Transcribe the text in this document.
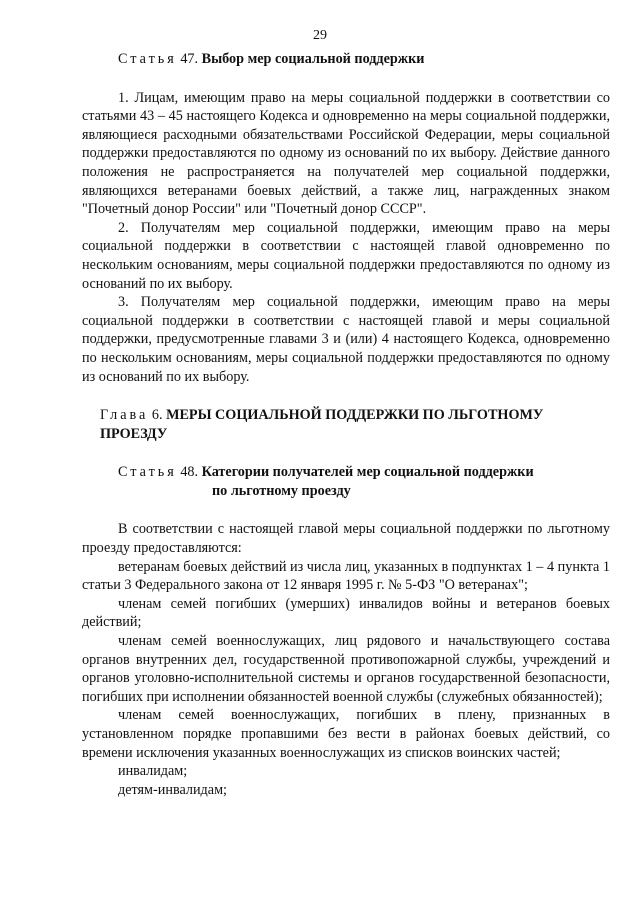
29
Статья 47. Выбор мер социальной поддержки

1. Лицам, имеющим право на меры социальной поддержки в соответствии со статьями 43 – 45 настоящего Кодекса и одновременно на меры социальной поддержки, являющиеся расходными обязательствами Российской Федерации, меры социальной поддержки предоставляются по одному из оснований по их выбору. Действие данного положения не распространяется на получателей мер социальной поддержки, являющихся ветеранами боевых действий, а также лиц, награжденных знаком "Почетный донор России" или "Почетный донор СССР".

2. Получателям мер социальной поддержки, имеющим право на меры социальной поддержки в соответствии с настоящей главой одновременно по нескольким основаниям, меры социальной поддержки предоставляются по одному из оснований по их выбору.

3. Получателям мер социальной поддержки, имеющим право на меры социальной поддержки в соответствии с настоящей главой и меры социальной поддержки, предусмотренные главами 3 и (или) 4 настоящего Кодекса, одновременно по нескольким основаниям, меры социальной поддержки предоставляются по одному из оснований по их выбору.

Глава 6. МЕРЫ СОЦИАЛЬНОЙ ПОДДЕРЖКИ ПО ЛЬГОТНОМУ ПРОЕЗДУ
Статья 48. Категории получателей мер социальной поддержки
по льготному проезду

В соответствии с настоящей главой меры социальной поддержки по льготному проезду предоставляются:

ветеранам боевых действий из числа лиц, указанных в подпунктах 1 – 4 пункта 1 статьи 3 Федерального закона от 12 января 1995 г. № 5-ФЗ "О ветеранах";

членам семей погибших (умерших) инвалидов войны и ветеранов боевых действий;

членам семей военнослужащих, лиц рядового и начальствующего состава органов внутренних дел, государственной противопожарной службы, учреждений и органов уголовно-исполнительной системы и органов государственной безопасности, погибших при исполнении обязанностей военной службы (служебных обязанностей);

членам семей военнослужащих, погибших в плену, признанных в установленном порядке пропавшими без вести в районах боевых действий, со времени исключения указанных военнослужащих из списков воинских частей;

инвалидам;

детям-инвалидам;
